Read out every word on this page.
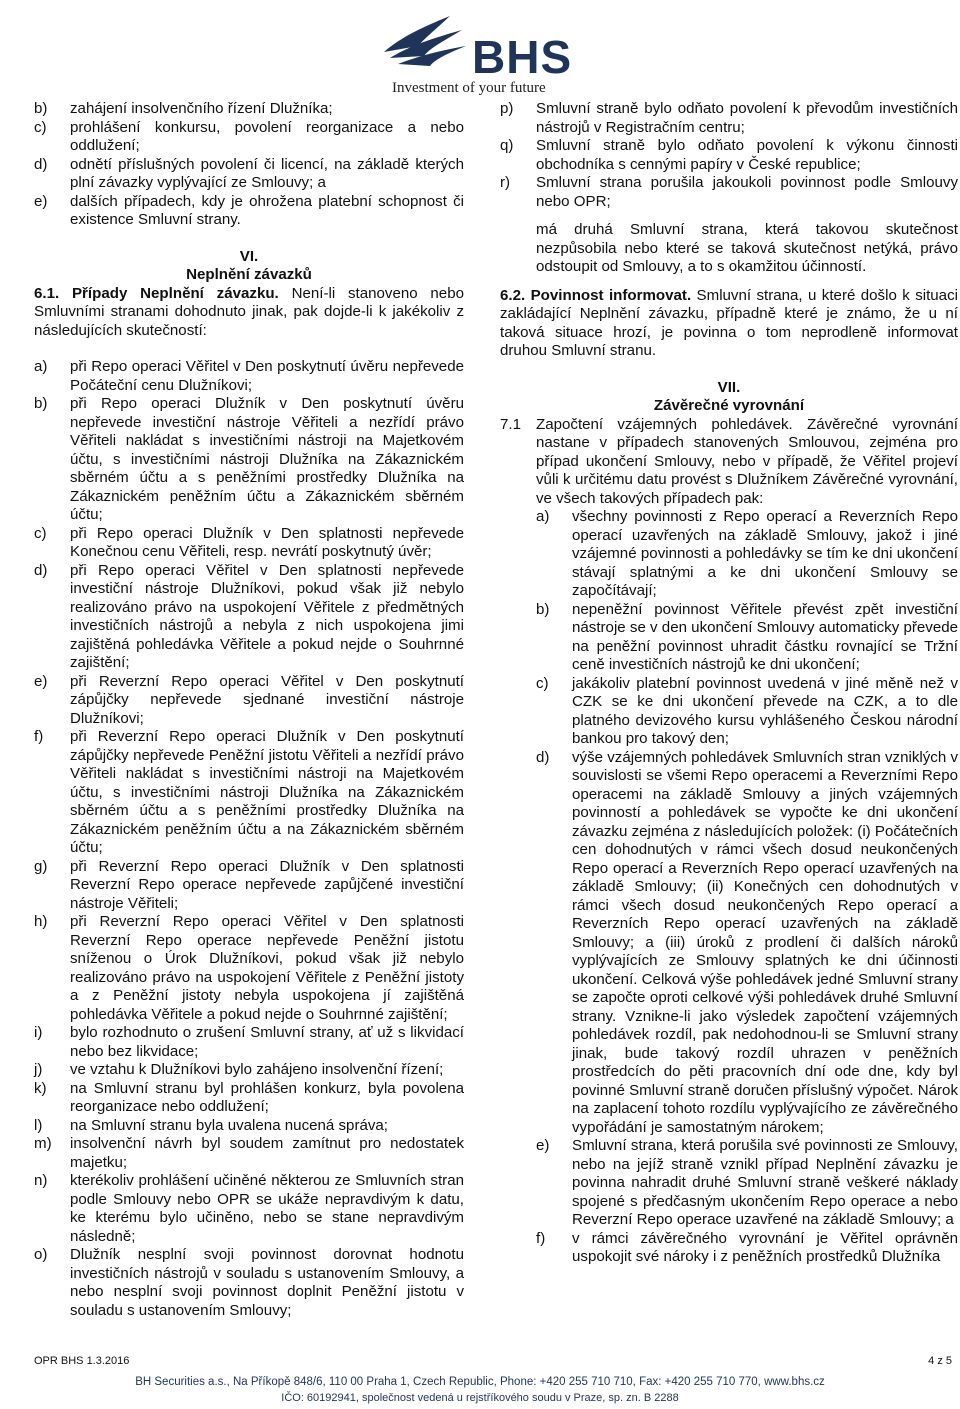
BHS
Investment of your future
b)	zahájení insolvenčního řízení Dlužníka;
c)	prohlášení konkursu, povolení reorganizace a nebo oddlužení;
d)	odnětí příslušných povolení či licencí, na základě kterých plní závazky vyplývající ze Smlouvy; a
e)	dalších případech, kdy je ohrožena platební schopnost či existence Smluvní strany.
VI.
Neplnění závazků
6.1. Případy Neplnění závazku. Není-li stanoveno nebo Smluvními stranami dohodnuto jinak, pak dojde-li k jakékoliv z následujících skutečností:
a)	při Repo operaci Věřitel v Den poskytnutí úvěru nepřevede Počáteční cenu Dlužníkovi;
b)	při Repo operaci Dlužník v Den poskytnutí úvěru nepřevede investiční nástroje Věřiteli a nezřídí právo Věřiteli nakládat s investičními nástroji na Majetkovém účtu, s investičními nástroji Dlužníka na Zákaznickém sběrném účtu a s peněžními prostředky Dlužníka na Zákaznickém peněžním účtu a Zákaznickém sběrném účtu;
c)	při Repo operaci Dlužník v Den splatnosti nepřevede Konečnou cenu Věřiteli, resp. nevrátí poskytnutý úvěr;
d)	při Repo operaci Věřitel v Den splatnosti nepřevede investiční nástroje Dlužníkovi, pokud však již nebylo realizováno právo na uspokojení Věřitele z předmětných investičních nástrojů a nebyla z nich uspokojena jimi zajištěná pohledávka Věřitele a pokud nejde o Souhrnné zajištění;
e)	při Reverzní Repo operaci Věřitel v Den poskytnutí zápůjčky nepřevede sjednané investiční nástroje Dlužníkovi;
f)	při Reverzní Repo operaci Dlužník v Den poskytnutí zápůjčky nepřevede Peněžní jistotu Věřiteli a nezřídí právo Věřiteli nakládat s investičními nástroji na Majetkovém účtu, s investičními nástroji Dlužníka na Zákaznickém sběrném účtu a s peněžními prostředky Dlužníka na Zákaznickém peněžním účtu a na Zákaznickém sběrném účtu;
g)	při Reverzní Repo operaci Dlužník v Den splatnosti Reverzní Repo operace nepřevede zapůjčené investiční nástroje Věřiteli;
h)	při Reverzní Repo operaci Věřitel v Den splatnosti Reverzní Repo operace nepřevede Peněžní jistotu sníženou o Úrok Dlužníkovi, pokud však již nebylo realizováno právo na uspokojení Věřitele z Peněžní jistoty a z Peněžní jistoty nebyla uspokojena jí zajištěná pohledávka Věřitele a pokud nejde o Souhrnné zajištění;
i)	bylo rozhodnuto o zrušení Smluvní strany, ať už s likvidací nebo bez likvidace;
j)	ve vztahu k Dlužníkovi bylo zahájeno insolvenční řízení;
k)	na Smluvní stranu byl prohlášen konkurz, byla povolena reorganizace nebo oddlužení;
l)	na Smluvní stranu byla uvalena nucená správa;
m)	insolvenční návrh byl soudem zamítnut pro nedostatek majetku;
n)	kterékoliv prohlášení učiněné některou ze Smluvních stran podle Smlouvy nebo OPR se ukáže nepravdivým k datu, ke kterému bylo učiněno, nebo se stane nepravdivým následně;
o)	Dlužník nesplní svoji povinnost dorovnat hodnotu investičních nástrojů v souladu s ustanovením Smlouvy, a nebo nesplní svoji povinnost doplnit Peněžní jistotu v souladu s ustanovením Smlouvy;
p)	Smluvní straně bylo odňato povolení k převodům investičních nástrojů v Registračním centru;
q)	Smluvní straně bylo odňato povolení k výkonu činnosti obchodníka s cennými papíry v České republice;
r)	Smluvní strana porušila jakoukoli povinnost podle Smlouvy nebo OPR;
má druhá Smluvní strana, která takovou skutečnost nezpůsobila nebo které se taková skutečnost netýká, právo odstoupit od Smlouvy, a to s okamžitou účinností.
6.2. Povinnost informovat. Smluvní strana, u které došlo k situaci zakládající Neplnění závazku, případně které je známo, že u ní taková situace hrozí, je povinna o tom neprodleně informovat druhou Smluvní stranu.
VII.
Závěrečné vyrovnání
7.1 Započtení vzájemných pohledávek. Závěrečné vyrovnání nastane v případech stanovených Smlouvou, zejména pro případ ukončení Smlouvy, nebo v případě, že Věřitel projeví vůli k určitému datu provést s Dlužníkem Závěrečné vyrovnání, ve všech takových případech pak:
a)	všechny povinnosti z Repo operací a Reverzních Repo operací uzavřených na základě Smlouvy, jakož i jiné vzájemné povinnosti a pohledávky se tím ke dni ukončení stávají splatnými a ke dni ukončení Smlouvy se započítávají;
b)	nepeněžní povinnost Věřitele převést zpět investiční nástroje se v den ukončení Smlouvy automaticky převede na peněžní povinnost uhradit částku rovnající se Tržní ceně investičních nástrojů ke dni ukončení;
c)	jakákoliv platební povinnost uvedená v jiné měně než v CZK se ke dni ukončení převede na CZK, a to dle platného devizového kursu vyhlášeného Českou národní bankou pro takový den;
d)	výše vzájemných pohledávek Smluvních stran vzniklých v souvislosti se všemi Repo operacemi a Reverzními Repo operacemi na základě Smlouvy a jiných vzájemných povinností a pohledávek se vypočte ke dni ukončení závazku zejména z následujících položek: (i) Počátečních cen dohodnutých v rámci všech dosud neukončených Repo operací a Reverzních Repo operací uzavřených na základě Smlouvy; (ii) Konečných cen dohodnutých v rámci všech dosud neukončených Repo operací a Reverzních Repo operací uzavřených na základě Smlouvy; a (iii) úroků z prodlení či dalších nároků vyplývajících ze Smlouvy splatných ke dni účinnosti ukončení. Celková výše pohledávek jedné Smluvní strany se započte oproti celkové výši pohledávek druhé Smluvní strany. Vznikne-li jako výsledek započtení vzájemných pohledávek rozdíl, pak nedohodnou-li se Smluvní strany jinak, bude takový rozdíl uhrazen v peněžních prostředcích do pěti pracovních dní ode dne, kdy byl povinné Smluvní straně doručen příslušný výpočet. Nárok na zaplacení tohoto rozdílu vyplývajícího ze závěrečného vypořádání je samostatným nárokem;
e)	Smluvní strana, která porušila své povinnosti ze Smlouvy, nebo na jejíž straně vznikl případ Neplnění závazku je povinna nahradit druhé Smluvní straně veškeré náklady spojené s předčasným ukončením Repo operace a nebo Reverzní Repo operace uzavřené na základě Smlouvy; a
f)	v rámci závěrečného vyrovnání je Věřitel oprávněn uspokojit své nároky i z peněžních prostředků Dlužníka
OPR BHS 1.3.2016	4 z 5
BH Securities a.s., Na Příkopě 848/6, 110 00 Praha 1, Czech Republic, Phone: +420 255 710 710, Fax: +420 255 710 770, www.bhs.cz
IČO: 60192941, společnost vedená u rejstříkového soudu v Praze, sp. zn. B 2288
